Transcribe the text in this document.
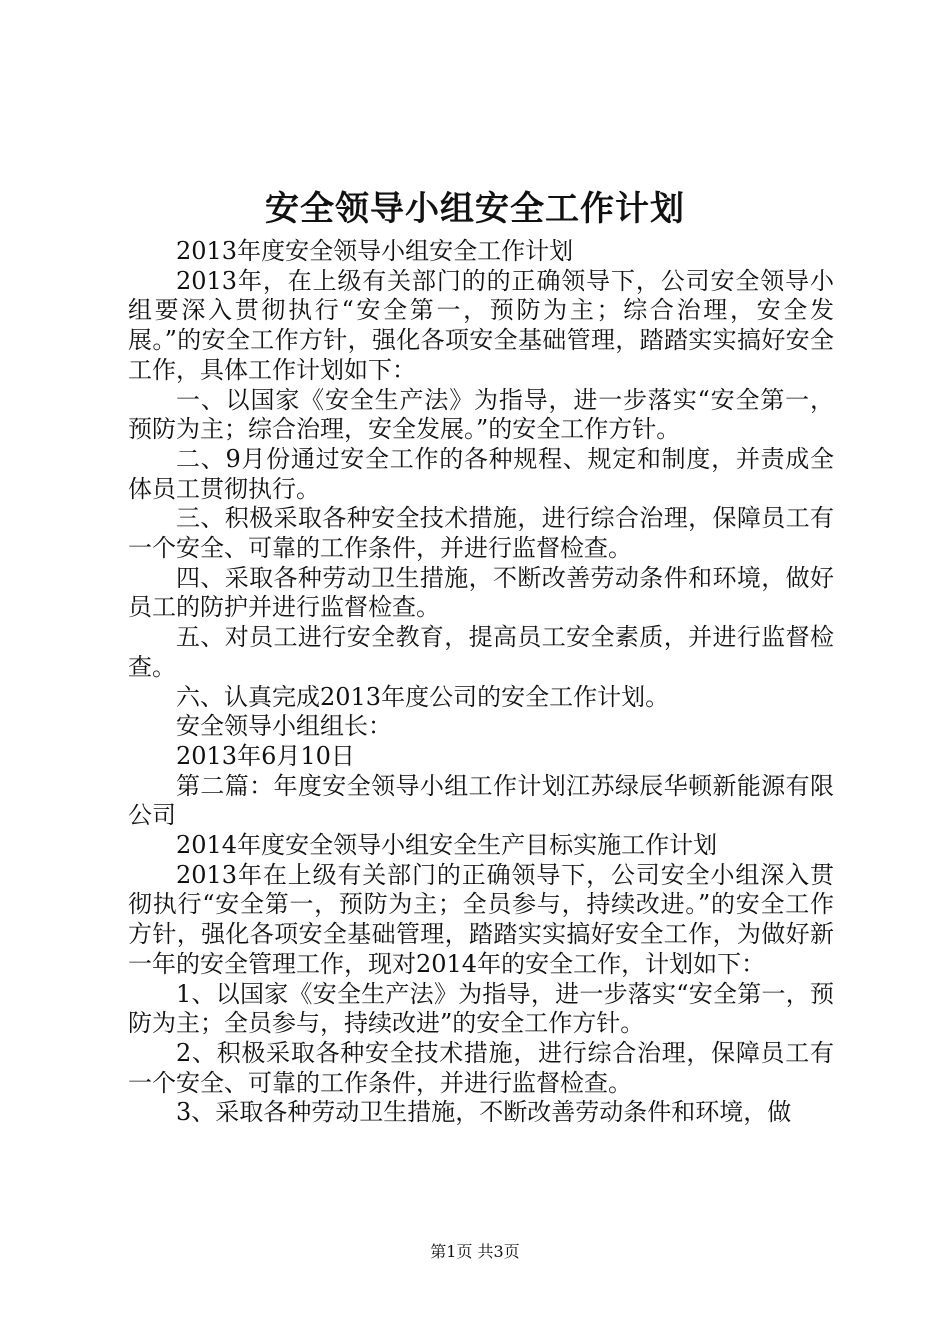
安全领导小组安全工作计划

2013年度安全领导小组安全工作计划

2013年，在上级有关部门的的正确领导下，公司安全领导小组要深入贯彻执行“安全第一，预防为主；综合治理，安全发展。”的安全工作方针，强化各项安全基础管理，踏踏实实搞好安全工作，具体工作计划如下：

一、以国家《安全生产法》为指导，进一步落实“安全第一，预防为主；综合治理，安全发展。”的安全工作方针。

二、9月份通过安全工作的各种规程、规定和制度，并责成全体员工贯彻执行。

三、积极采取各种安全技术措施，进行综合治理，保障员工有一个安全、可靠的工作条件，并进行监督检查。

四、采取各种劳动卫生措施，不断改善劳动条件和环境，做好员工的防护并进行监督检查。

五、对员工进行安全教育，提高员工安全素质，并进行监督检查。

六、认真完成2013年度公司的安全工作计划。

安全领导小组组长：

2013年6月10日

第二篇：年度安全领导小组工作计划江苏绿辰华顿新能源有限公司

2014年度安全领导小组安全生产目标实施工作计划

2013年在上级有关部门的正确领导下，公司安全小组深入贯彻执行“安全第一，预防为主；全员参与，持续改进。”的安全工作方针，强化各项安全基础管理，踏踏实实搞好安全工作，为做好新一年的安全管理工作，现对2014年的安全工作，计划如下：

1、以国家《安全生产法》为指导，进一步落实“安全第一，预防为主；全员参与，持续改进”的安全工作方针。

2、积极采取各种安全技术措施，进行综合治理，保障员工有一个安全、可靠的工作条件，并进行监督检查。

3、采取各种劳动卫生措施，不断改善劳动条件和环境，做

第1页 共3页
